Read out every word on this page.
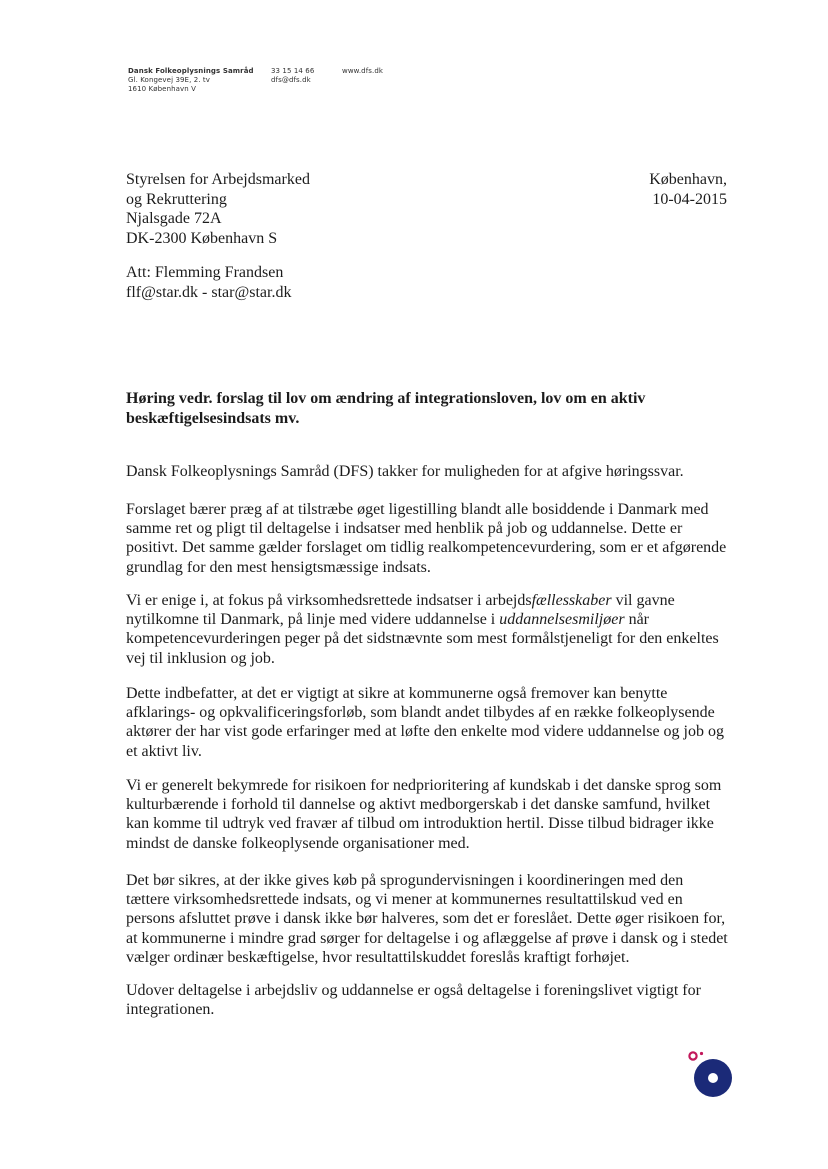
Dansk Folkeoplysnings Samråd
Gl. Kongevej 39E, 2. tv
1610 København V
33 15 14 66
dfs@dfs.dk
www.dfs.dk
Styrelsen for Arbejdsmarked
og Rekruttering
Njalsgade 72A
DK-2300 København S
København,
10-04-2015
Att: Flemming Frandsen
flf@star.dk - star@star.dk
Høring vedr. forslag til lov om ændring af integrationsloven, lov om en aktiv
beskæftigelsesindsats mv.

Dansk Folkeoplysnings Samråd (DFS) takker for muligheden for at afgive høringssvar.

Forslaget bærer præg af at tilstræbe øget ligestilling blandt alle bosiddende i Danmark med
samme ret og pligt til deltagelse i indsatser med henblik på job og uddannelse. Dette er
positivt. Det samme gælder forslaget om tidlig realkompetencevurdering, som er et afgørende
grundlag for den mest hensigtsmæssige indsats.

Vi er enige i, at fokus på virksomhedsrettede indsatser i arbejdsfællesskaber vil gavne
nytilkomne til Danmark, på linje med videre uddannelse i uddannelsesmiljøer når
kompetencevurderingen peger på det sidstnævnte som mest formålstjeneligt for den enkeltes
vej til inklusion og job.

Dette indbefatter, at det er vigtigt at sikre at kommunerne også fremover kan benytte
afklarings- og opkvalificeringsforløb, som blandt andet tilbydes af en række folkeoplysende
aktører der har vist gode erfaringer med at løfte den enkelte mod videre uddannelse og job og
et aktivt liv.

Vi er generelt bekymrede for risikoen for nedprioritering af kundskab i det danske sprog som
kulturbærende i forhold til dannelse og aktivt medborgerskab i det danske samfund, hvilket
kan komme til udtryk ved fravær af tilbud om introduktion hertil. Disse tilbud bidrager ikke
mindst de danske folkeoplysende organisationer med.

Det bør sikres, at der ikke gives køb på sprogundervisningen i koordineringen med den
tættere virksomhedsrettede indsats, og vi mener at kommunernes resultattilskud ved en
persons afsluttet prøve i dansk ikke bør halveres, som det er foreslået. Dette øger risikoen for,
at kommunerne i mindre grad sørger for deltagelse i og aflæggelse af prøve i dansk og i stedet
vælger ordinær beskæftigelse, hvor resultattilskuddet foreslås kraftigt forhøjet.

Udover deltagelse i arbejdsliv og uddannelse er også deltagelse i foreningslivet vigtigt for
integrationen.
